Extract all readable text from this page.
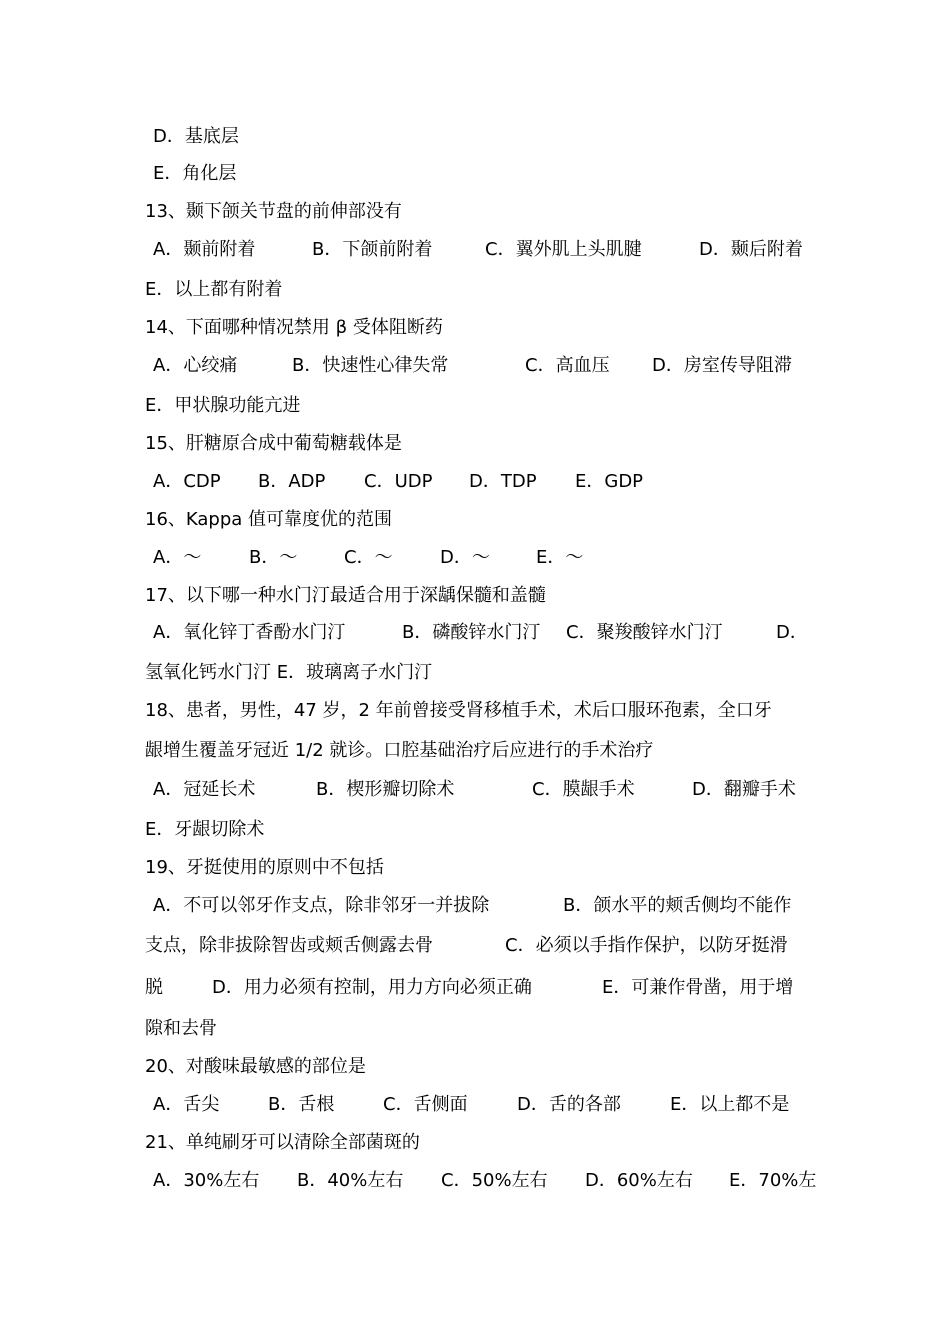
D．基底层
E．角化层
13、颞下颌关节盘的前伸部没有
A．颞前附着	B．下颌前附着	C．翼外肌上头肌腱	D．颞后附着
E．以上都有附着
14、下面哪种情况禁用 β 受体阻断药
A．心绞痛	B．快速性心律失常	C．高血压 D．房室传导阻滞
E．甲状腺功能亢进
15、肝糖原合成中葡萄糖载体是
A．CDP B．ADP C．UDP D．TDP E．GDP
16、Kappa 值可靠度优的范围
A．～	B．～	C．～	D．～	E．～
17、以下哪一种水门汀最适合用于深龋保髓和盖髓
A．氧化锌丁香酚水门汀	B．磷酸锌水门汀 C．聚羧酸锌水门汀	D．
氢氧化钙水门汀 E．玻璃离子水门汀
18、患者，男性，47 岁，2 年前曾接受肾移植手术，术后口服环孢素，全口牙
龈增生覆盖牙冠近 1/2 就诊。口腔基础治疗后应进行的手术治疗
A．冠延长术	B．楔形瓣切除术	C．膜龈手术	D．翻瓣手术
E．牙龈切除术
19、牙挺使用的原则中不包括
A．不可以邻牙作支点，除非邻牙一并拔除	B．颌水平的颊舌侧均不能作
支点，除非拔除智齿或颊舌侧露去骨	C．必须以手指作保护，以防牙挺滑
脱	D．用力必须有控制，用力方向必须正确	E．可兼作骨凿，用于增
隙和去骨
20、对酸味最敏感的部位是
A．舌尖	B．舌根	C．舌侧面	D．舌的各部	E．以上都不是
21、单纯刷牙可以清除全部菌斑的
A．30%左右 B．40%左右 C．50%左右 D．60%左右 E．70%左
